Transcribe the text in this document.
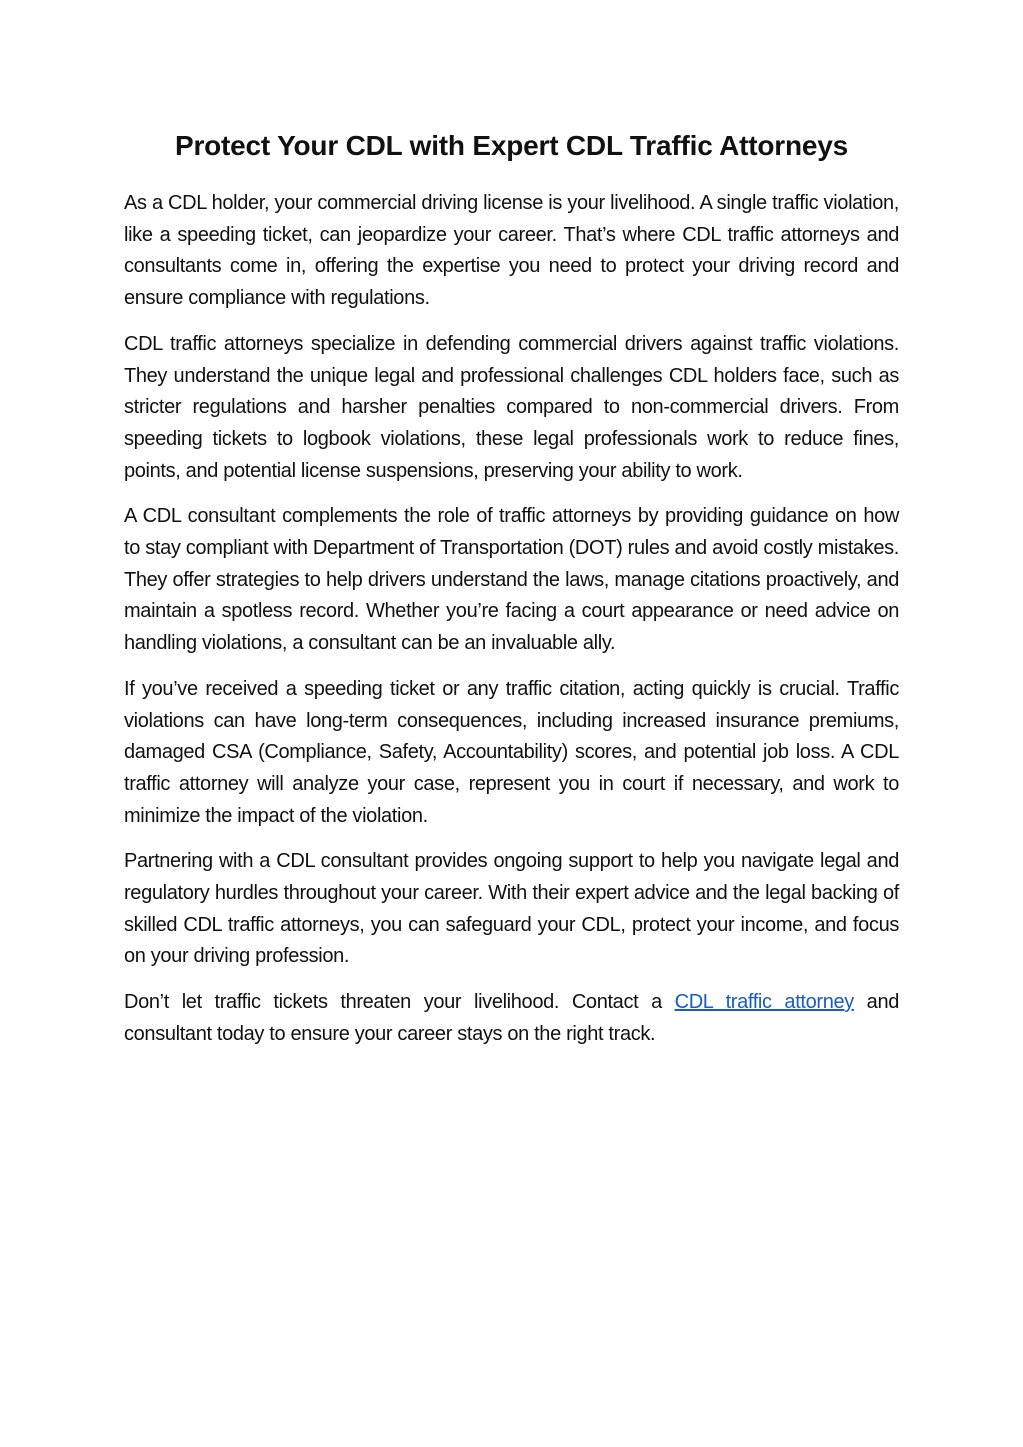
Protect Your CDL with Expert CDL Traffic Attorneys

As a CDL holder, your commercial driving license is your livelihood. A single traffic violation, like a speeding ticket, can jeopardize your career. That’s where CDL traffic attorneys and consultants come in, offering the expertise you need to protect your driving record and ensure compliance with regulations.

CDL traffic attorneys specialize in defending commercial drivers against traffic violations. They understand the unique legal and professional challenges CDL holders face, such as stricter regulations and harsher penalties compared to non-commercial drivers. From speeding tickets to logbook violations, these legal professionals work to reduce fines, points, and potential license suspensions, preserving your ability to work.

A CDL consultant complements the role of traffic attorneys by providing guidance on how to stay compliant with Department of Transportation (DOT) rules and avoid costly mistakes. They offer strategies to help drivers understand the laws, manage citations proactively, and maintain a spotless record. Whether you’re facing a court appearance or need advice on handling violations, a consultant can be an invaluable ally.

If you’ve received a speeding ticket or any traffic citation, acting quickly is crucial. Traffic violations can have long-term consequences, including increased insurance premiums, damaged CSA (Compliance, Safety, Accountability) scores, and potential job loss. A CDL traffic attorney will analyze your case, represent you in court if necessary, and work to minimize the impact of the violation.

Partnering with a CDL consultant provides ongoing support to help you navigate legal and regulatory hurdles throughout your career. With their expert advice and the legal backing of skilled CDL traffic attorneys, you can safeguard your CDL, protect your income, and focus on your driving profession.

Don’t let traffic tickets threaten your livelihood. Contact a CDL traffic attorney and consultant today to ensure your career stays on the right track.
